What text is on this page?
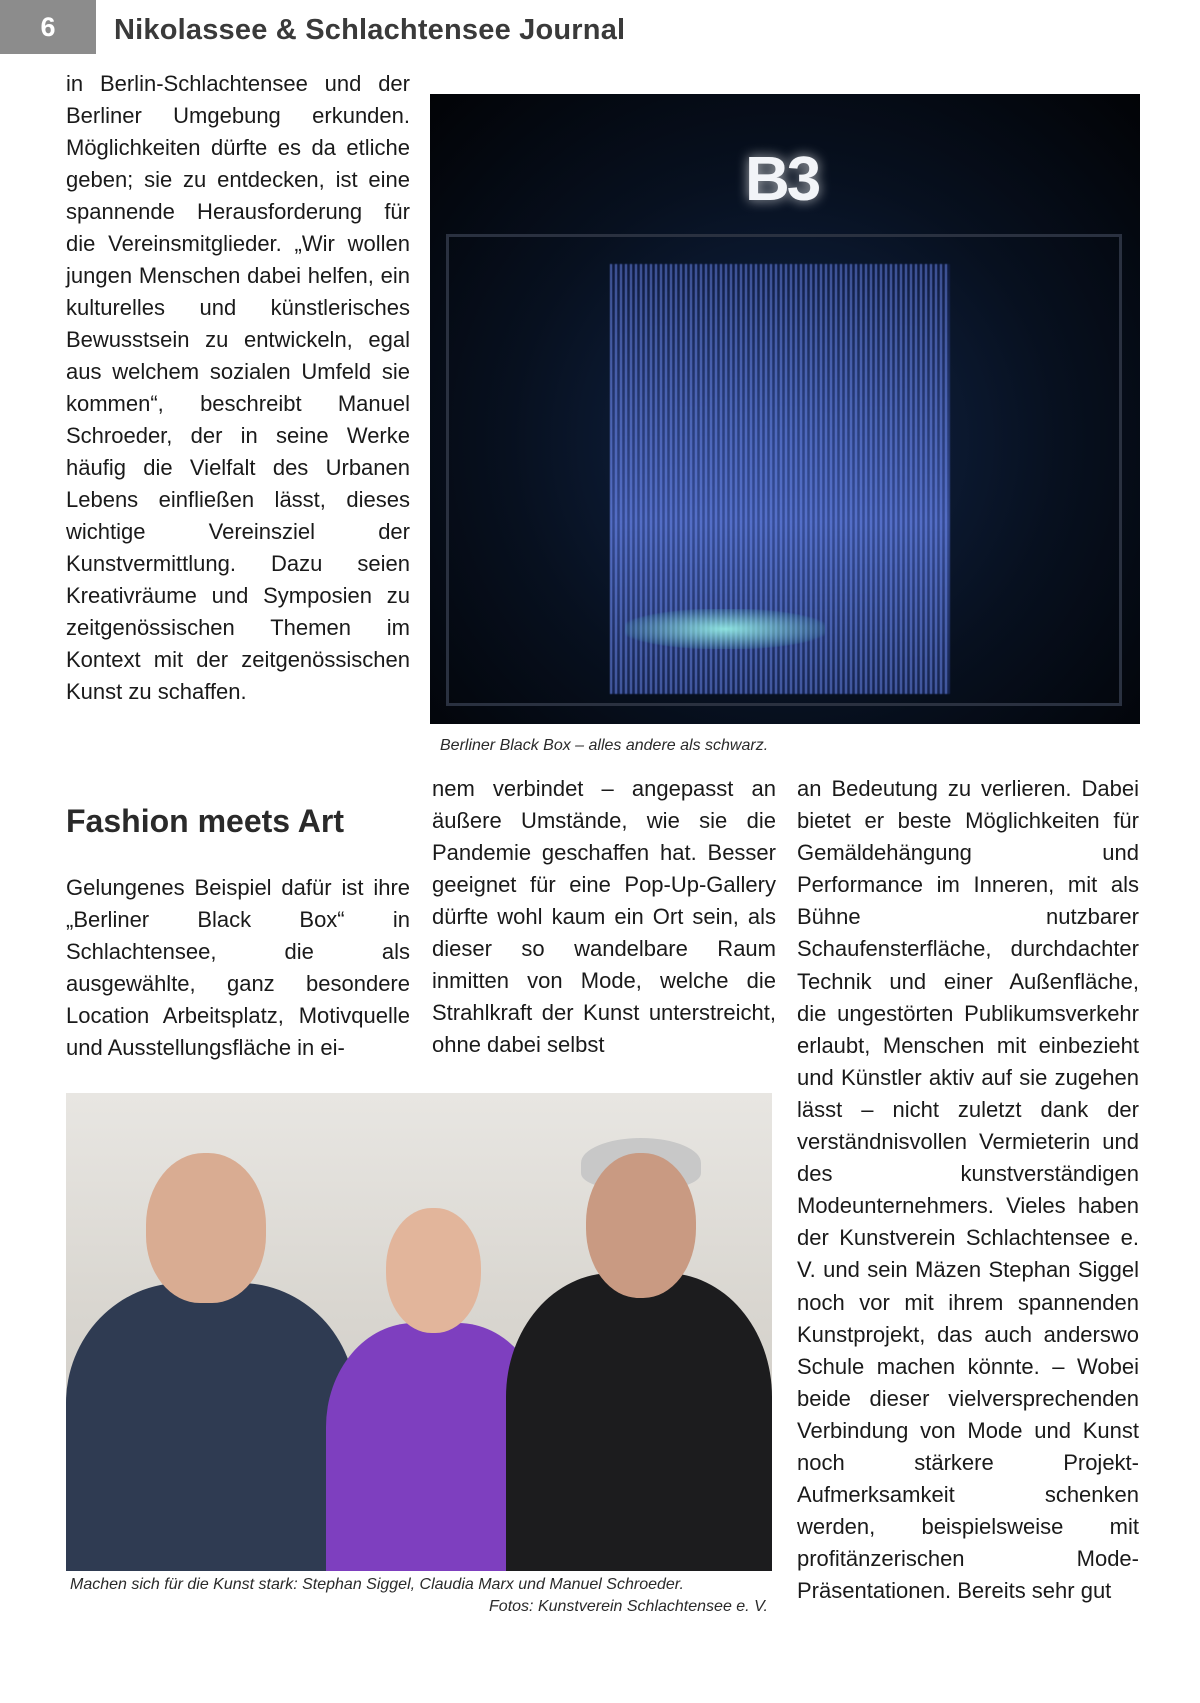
6	Nikolassee & Schlachtensee Journal

in Berlin-Schlachtensee und der Berliner Umgebung erkunden. Möglichkeiten dürfte es da etliche geben; sie zu entdecken, ist eine spannende Herausforderung für die Vereinsmitglieder. „Wir wollen jungen Menschen dabei helfen, ein kulturelles und künstlerisches Bewusstsein zu entwickeln, egal aus welchem sozialen Umfeld sie kommen“, beschreibt Manuel Schroeder, der in seine Werke häufig die Vielfalt des Urbanen Lebens einfließen lässt, dieses wichtige Vereinsziel der Kunstvermittlung. Dazu seien Kreativräume und Symposien zu zeitgenössischen Themen im Kontext mit der zeitgenössischen Kunst zu schaffen.

B3
Berliner Black Box – alles andere als schwarz.
Fashion meets Art

Gelungenes Beispiel dafür ist ihre „Berliner Black Box“ in Schlachtensee, die als ausgewählte, ganz besondere Location Arbeitsplatz, Motivquelle und Ausstellungsfläche in ei-

nem verbindet – angepasst an äußere Umstände, wie sie die Pandemie geschaffen hat. Besser geeignet für eine Pop-Up-Gallery dürfte wohl kaum ein Ort sein, als dieser so wandelbare Raum inmitten von Mode, welche die Strahlkraft der Kunst unterstreicht, ohne dabei selbst

an Bedeutung zu verlieren. Dabei bietet er beste Möglichkeiten für Gemäldehängung und Performance im Inneren, mit als Bühne nutzbarer Schaufensterfläche, durchdachter Technik und einer Außenfläche, die ungestörten Publikumsverkehr erlaubt, Menschen mit einbezieht und Künstler aktiv auf sie zugehen lässt – nicht zuletzt dank der verständnisvollen Vermieterin und des kunstverständigen Modeunternehmers. Vieles haben der Kunstverein Schlachtensee e. V. und sein Mäzen Stephan Siggel noch vor mit ihrem spannenden Kunstprojekt, das auch anderswo Schule machen könnte. – Wobei beide dieser vielversprechenden Verbindung von Mode und Kunst noch stärkere Projekt-Aufmerksamkeit schenken werden, beispielsweise mit profitänzerischen Mode-Präsentationen. Bereits sehr gut

Machen sich für die Kunst stark: Stephan Siggel, Claudia Marx und Manuel Schroeder.
Fotos: Kunstverein Schlachtensee e. V.
